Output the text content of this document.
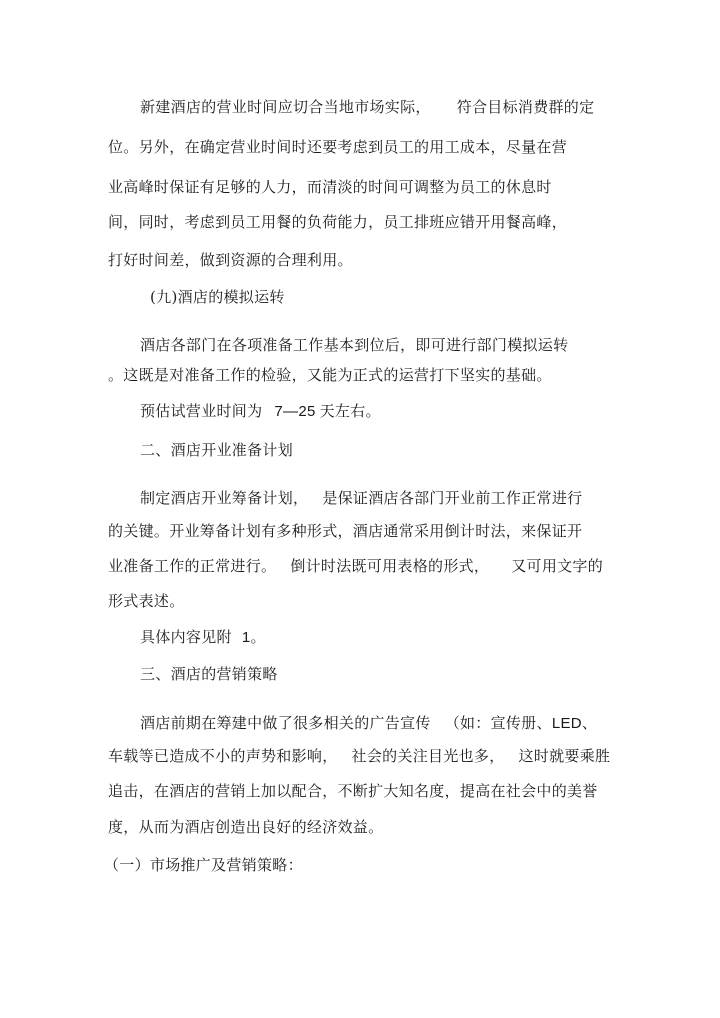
新建酒店的营业时间应切合当地市场实际， 符合目标消费群的定
位。另外，在确定营业时间时还要考虑到员工的用工成本，尽量在营
业高峰时保证有足够的人力，而清淡的时间可调整为员工的休息时
间，同时，考虑到员工用餐的负荷能力，员工排班应错开用餐高峰，
打好时间差，做到资源的合理利用。
(九)酒店的模拟运转
酒店各部门在各项准备工作基本到位后，即可进行部门模拟运转
。这既是对准备工作的检验，又能为正式的运营打下坚实的基础。
预估试营业时间为 7—25 天左右。
二、酒店开业准备计划
制定酒店开业筹备计划， 是保证酒店各部门开业前工作正常进行
的关键。开业筹备计划有多种形式，酒店通常采用倒计时法，来保证开
业准备工作的正常进行。 倒计时法既可用表格的形式， 又可用文字的
形式表述。
具体内容见附 1。
三、酒店的营销策略
酒店前期在筹建中做了很多相关的广告宣传 （如：宣传册、LED、
车载等已造成不小的声势和影响， 社会的关注目光也多， 这时就要乘胜
追击，在酒店的营销上加以配合，不断扩大知名度，提高在社会中的美誉
度，从而为酒店创造出良好的经济效益。
（一）市场推广及营销策略：
